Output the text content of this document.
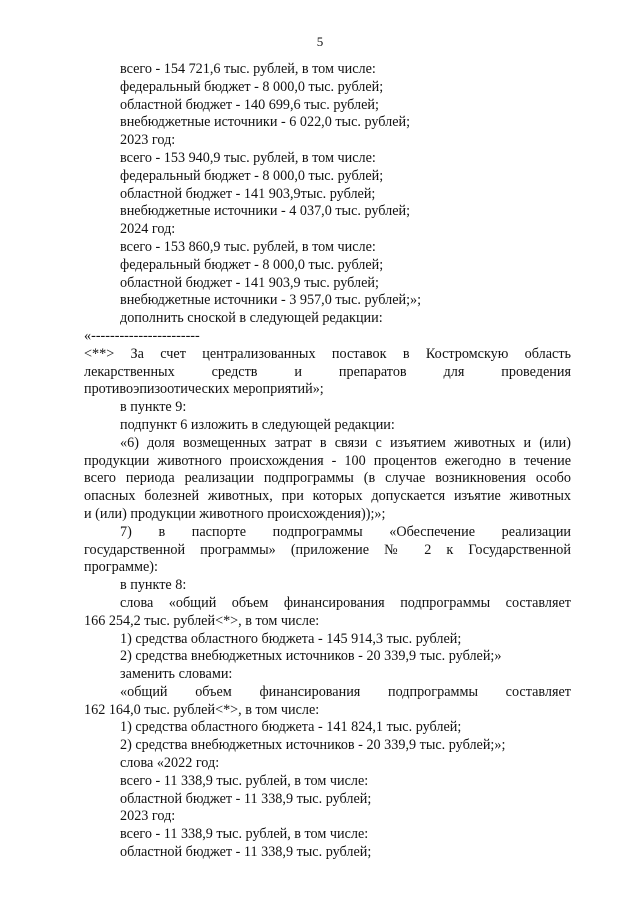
5
всего - 154 721,6 тыс. рублей, в том числе:
федеральный бюджет - 8 000,0 тыс. рублей;
областной бюджет - 140 699,6 тыс. рублей;
внебюджетные источники - 6 022,0 тыс. рублей;
2023 год:
всего - 153 940,9 тыс. рублей, в том числе:
федеральный бюджет - 8 000,0 тыс. рублей;
областной бюджет - 141 903,9тыс. рублей;
внебюджетные источники - 4 037,0 тыс. рублей;
2024 год:
всего - 153 860,9 тыс. рублей, в том числе:
федеральный бюджет - 8 000,0 тыс. рублей;
областной бюджет - 141 903,9 тыс. рублей;
внебюджетные источники - 3 957,0 тыс. рублей;»;
дополнить сноской в следующей редакции:
«-----------------------
<**> За счет централизованных поставок в Костромскую область
лекарственных средств и препаратов для проведения
противоэпизоотических мероприятий»;
в пункте 9:
подпункт 6 изложить в следующей редакции:
«6) доля возмещенных затрат в связи с изъятием животных и (или)
продукции животного происхождения - 100 процентов ежегодно в течение
всего периода реализации подпрограммы (в случае возникновения особо
опасных болезней животных, при которых допускается изъятие животных
и (или) продукции животного происхождения));»;
7) в паспорте подпрограммы «Обеспечение реализации
государственной программы» (приложение № 2 к Государственной
программе):
в пункте 8:
слова «общий объем финансирования подпрограммы составляет
166 254,2 тыс. рублей<*>, в том числе:
1) средства областного бюджета - 145 914,3 тыс. рублей;
2) средства внебюджетных источников - 20 339,9 тыс. рублей;»
заменить словами:
«общий объем финансирования подпрограммы составляет
162 164,0 тыс. рублей<*>, в том числе:
1) средства областного бюджета - 141 824,1 тыс. рублей;
2) средства внебюджетных источников - 20 339,9 тыс. рублей;»;
слова «2022 год:
всего - 11 338,9 тыс. рублей, в том числе:
областной бюджет - 11 338,9 тыс. рублей;
2023 год:
всего - 11 338,9 тыс. рублей, в том числе:
областной бюджет - 11 338,9 тыс. рублей;
